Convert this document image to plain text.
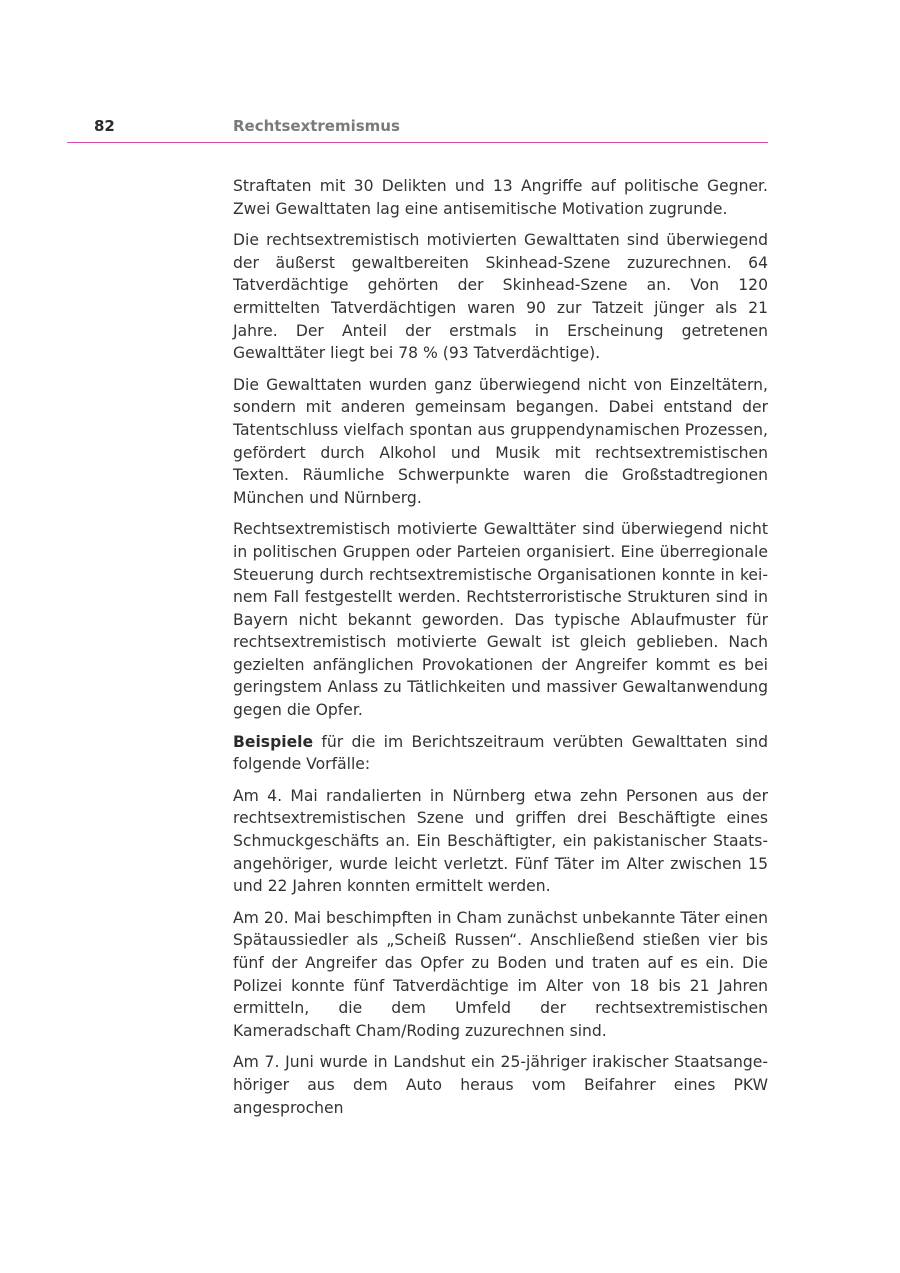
82	Rechtsextremismus

Straftaten mit 30 Delikten und 13 Angriffe auf politische Gegner. Zwei Gewalttaten lag eine antisemitische Motivation zugrunde.

Die rechtsextremistisch motivierten Gewalttaten sind überwiegend der äußerst gewaltbereiten Skinhead-Szene zuzurechnen. 64 Tatverdächtige gehörten der Skinhead-Szene an. Von 120 ermittelten Tatverdächtigen waren 90 zur Tatzeit jünger als 21 Jahre. Der Anteil der erstmals in Erscheinung getretenen Gewalttäter liegt bei 78 % (93 Tatverdächtige).

Die Gewalttaten wurden ganz überwiegend nicht von Einzeltätern, sondern mit anderen gemeinsam begangen. Dabei entstand der Tatentschluss vielfach spontan aus gruppendynamischen Prozessen, gefördert durch Alkohol und Musik mit rechtsextremistischen Texten. Räumliche Schwerpunkte waren die Großstadtregionen München und Nürnberg.

Rechtsextremistisch motivierte Gewalttäter sind überwiegend nicht in politischen Gruppen oder Parteien organisiert. Eine überregionale Steuerung durch rechtsextremistische Organisationen konnte in keinem Fall festgestellt werden. Rechtsterroristische Strukturen sind in Bayern nicht bekannt geworden. Das typische Ablaufmuster für rechtsextremistisch motivierte Gewalt ist gleich geblieben. Nach gezielten anfänglichen Provokationen der Angreifer kommt es bei geringstem Anlass zu Tätlichkeiten und massiver Gewaltanwendung gegen die Opfer.

Beispiele für die im Berichtszeitraum verübten Gewalttaten sind folgende Vorfälle:

Am 4. Mai randalierten in Nürnberg etwa zehn Personen aus der rechtsextremistischen Szene und griffen drei Beschäftigte eines Schmuckgeschäfts an. Ein Beschäftigter, ein pakistanischer Staatsangehöriger, wurde leicht verletzt. Fünf Täter im Alter zwischen 15 und 22 Jahren konnten ermittelt werden.

Am 20. Mai beschimpften in Cham zunächst unbekannte Täter einen Spätaussiedler als „Scheiß Russen“. Anschließend stießen vier bis fünf der Angreifer das Opfer zu Boden und traten auf es ein. Die Polizei konnte fünf Tatverdächtige im Alter von 18 bis 21 Jahren ermitteln, die dem Umfeld der rechtsextremistischen Kameradschaft Cham/Roding zuzurechnen sind.

Am 7. Juni wurde in Landshut ein 25-jähriger irakischer Staatsangehöriger aus dem Auto heraus vom Beifahrer eines PKW angesprochen
